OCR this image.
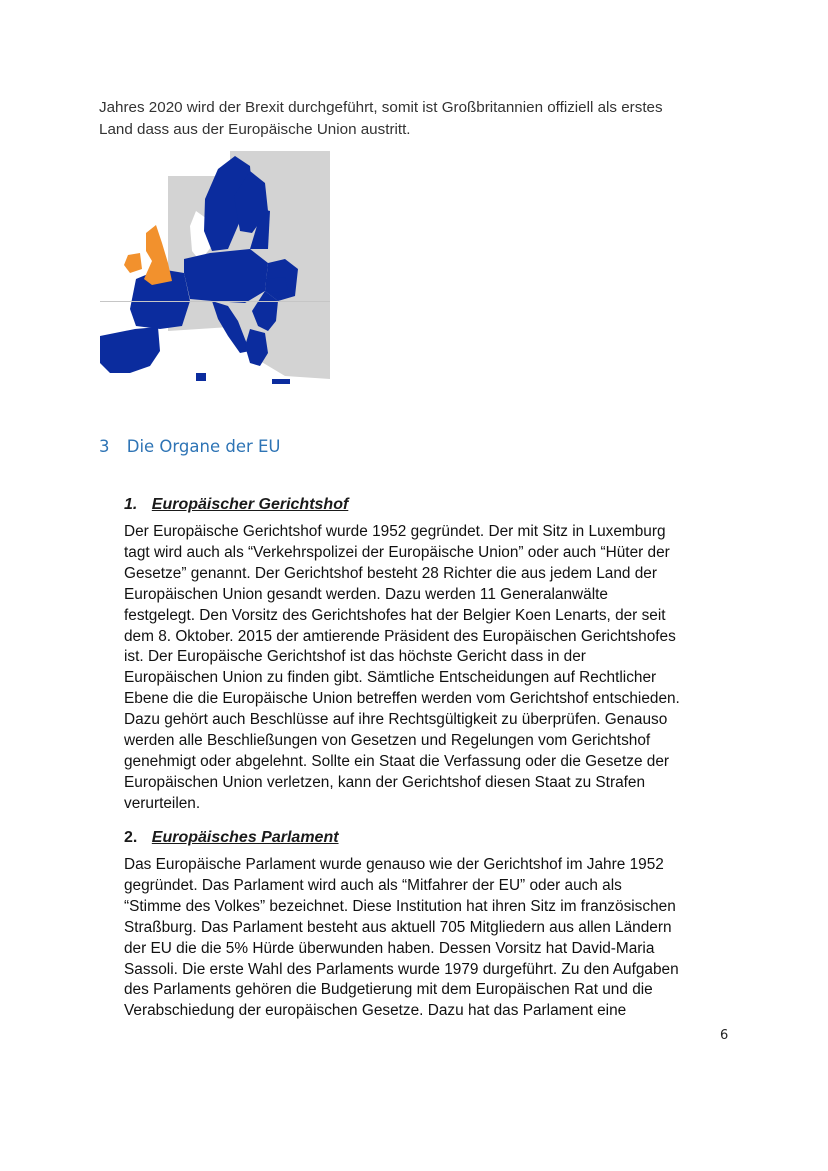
Jahres 2020 wird der Brexit durchgeführt, somit ist Großbritannien offiziell als erstes

Land dass aus der Europäische Union austritt.

3 Die Organe der EU
1. Europäischer Gerichtshof
Der Europäische Gerichtshof wurde 1952 gegründet. Der mit Sitz in Luxemburg
tagt wird auch als “Verkehrspolizei der Europäische Union” oder auch “Hüter der
Gesetze” genannt. Der Gerichtshof besteht 28 Richter die aus jedem Land der
Europäischen Union gesandt werden. Dazu werden 11 Generalanwälte
festgelegt. Den Vorsitz des Gerichtshofes hat der Belgier Koen Lenarts, der seit
dem 8. Oktober. 2015 der amtierende Präsident des Europäischen Gerichtshofes
ist. Der Europäische Gerichtshof ist das höchste Gericht dass in der
Europäischen Union zu finden gibt. Sämtliche Entscheidungen auf Rechtlicher
Ebene die die Europäische Union betreffen werden vom Gerichtshof entschieden.
Dazu gehört auch Beschlüsse auf ihre Rechtsgültigkeit zu überprüfen. Genauso
werden alle Beschließungen von Gesetzen und Regelungen vom Gerichtshof
genehmigt oder abgelehnt. Sollte ein Staat die Verfassung oder die Gesetze der
Europäischen Union verletzen, kann der Gerichtshof diesen Staat zu Strafen
verurteilen.
2. Europäisches Parlament
Das Europäische Parlament wurde genauso wie der Gerichtshof im Jahre 1952
gegründet. Das Parlament wird auch als “Mitfahrer der EU” oder auch als
“Stimme des Volkes” bezeichnet. Diese Institution hat ihren Sitz im französischen
Straßburg. Das Parlament besteht aus aktuell 705 Mitgliedern aus allen Ländern
der EU die die 5% Hürde überwunden haben. Dessen Vorsitz hat David-Maria
Sassoli. Die erste Wahl des Parlaments wurde 1979 durgeführt. Zu den Aufgaben
des Parlaments gehören die Budgetierung mit dem Europäischen Rat und die
Verabschiedung der europäischen Gesetze. Dazu hat das Parlament eine
6
